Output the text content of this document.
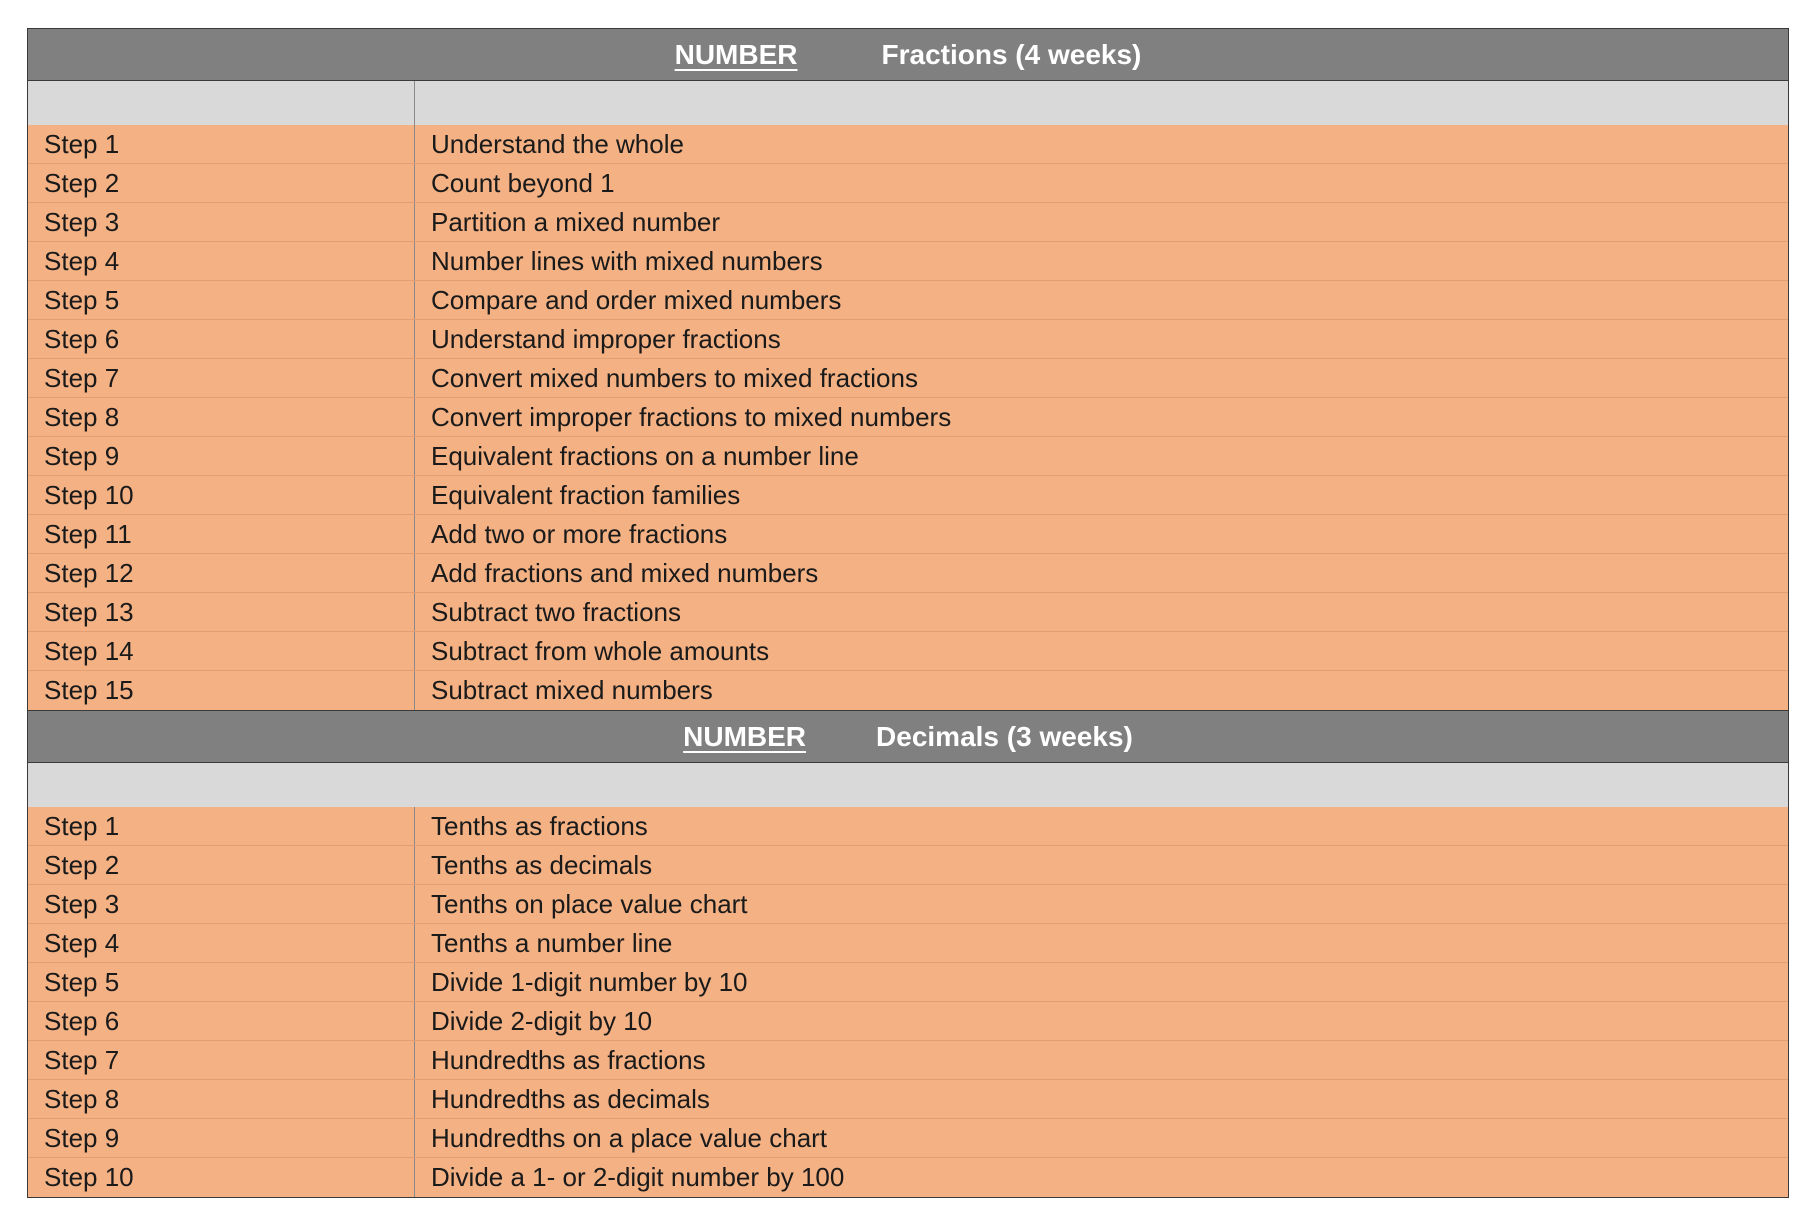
NUMBER	Fractions (4 weeks)
Step 1	Understand the whole
Step 2	Count beyond 1
Step 3	Partition a mixed number
Step 4	Number lines with mixed numbers
Step 5	Compare and order mixed numbers
Step 6	Understand improper fractions
Step 7	Convert mixed numbers to mixed fractions
Step 8	Convert improper fractions to mixed numbers
Step 9	Equivalent fractions on a number line
Step 10	Equivalent fraction families
Step 11	Add two or more fractions
Step 12	Add fractions and mixed numbers
Step 13	Subtract two fractions
Step 14	Subtract from whole amounts
Step 15	Subtract mixed numbers
NUMBER	Decimals (3 weeks)
Step 1	Tenths as fractions
Step 2	Tenths as decimals
Step 3	Tenths on place value chart
Step 4	Tenths a number line
Step 5	Divide 1-digit number by 10
Step 6	Divide 2-digit by 10
Step 7	Hundredths as fractions
Step 8	Hundredths as decimals
Step 9	Hundredths on a place value chart
Step 10	Divide a 1- or 2-digit number by 100
